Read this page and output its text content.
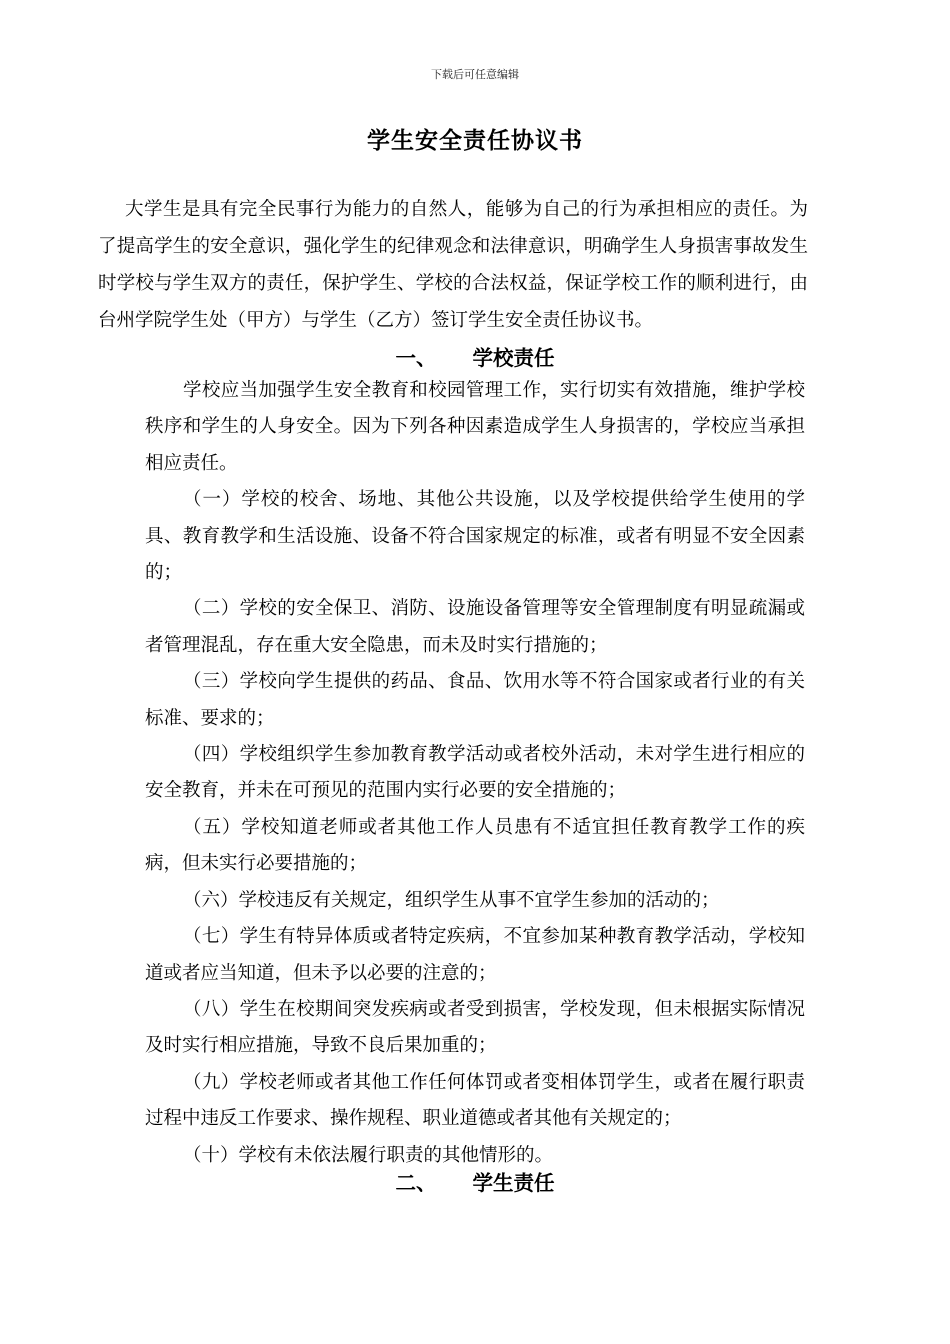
下载后可任意编辑
学生安全责任协议书
大学生是具有完全民事行为能力的自然人，能够为自己的行为承担相应的责任。为了提高学生的安全意识，强化学生的纪律观念和法律意识，明确学生人身损害事故发生时学校与学生双方的责任，保护学生、学校的合法权益，保证学校工作的顺利进行，由台州学院学生处（甲方）与学生（乙方）签订学生安全责任协议书。
一、 学校责任

学校应当加强学生安全教育和校园管理工作，实行切实有效措施，维护学校秩序和学生的人身安全。因为下列各种因素造成学生人身损害的，学校应当承担相应责任。

（一）学校的校舍、场地、其他公共设施，以及学校提供给学生使用的学具、教育教学和生活设施、设备不符合国家规定的标准，或者有明显不安全因素的；

（二）学校的安全保卫、消防、设施设备管理等安全管理制度有明显疏漏或者管理混乱，存在重大安全隐患，而未及时实行措施的；

（三）学校向学生提供的药品、食品、饮用水等不符合国家或者行业的有关标准、要求的；

（四）学校组织学生参加教育教学活动或者校外活动，未对学生进行相应的安全教育，并未在可预见的范围内实行必要的安全措施的；

（五）学校知道老师或者其他工作人员患有不适宜担任教育教学工作的疾病，但未实行必要措施的；

（六）学校违反有关规定，组织学生从事不宜学生参加的活动的；

（七）学生有特异体质或者特定疾病，不宜参加某种教育教学活动，学校知道或者应当知道，但未予以必要的注意的；

（八）学生在校期间突发疾病或者受到损害，学校发现，但未根据实际情况及时实行相应措施，导致不良后果加重的；

（九）学校老师或者其他工作任何体罚或者变相体罚学生，或者在履行职责过程中违反工作要求、操作规程、职业道德或者其他有关规定的；

（十）学校有未依法履行职责的其他情形的。

二、 学生责任
